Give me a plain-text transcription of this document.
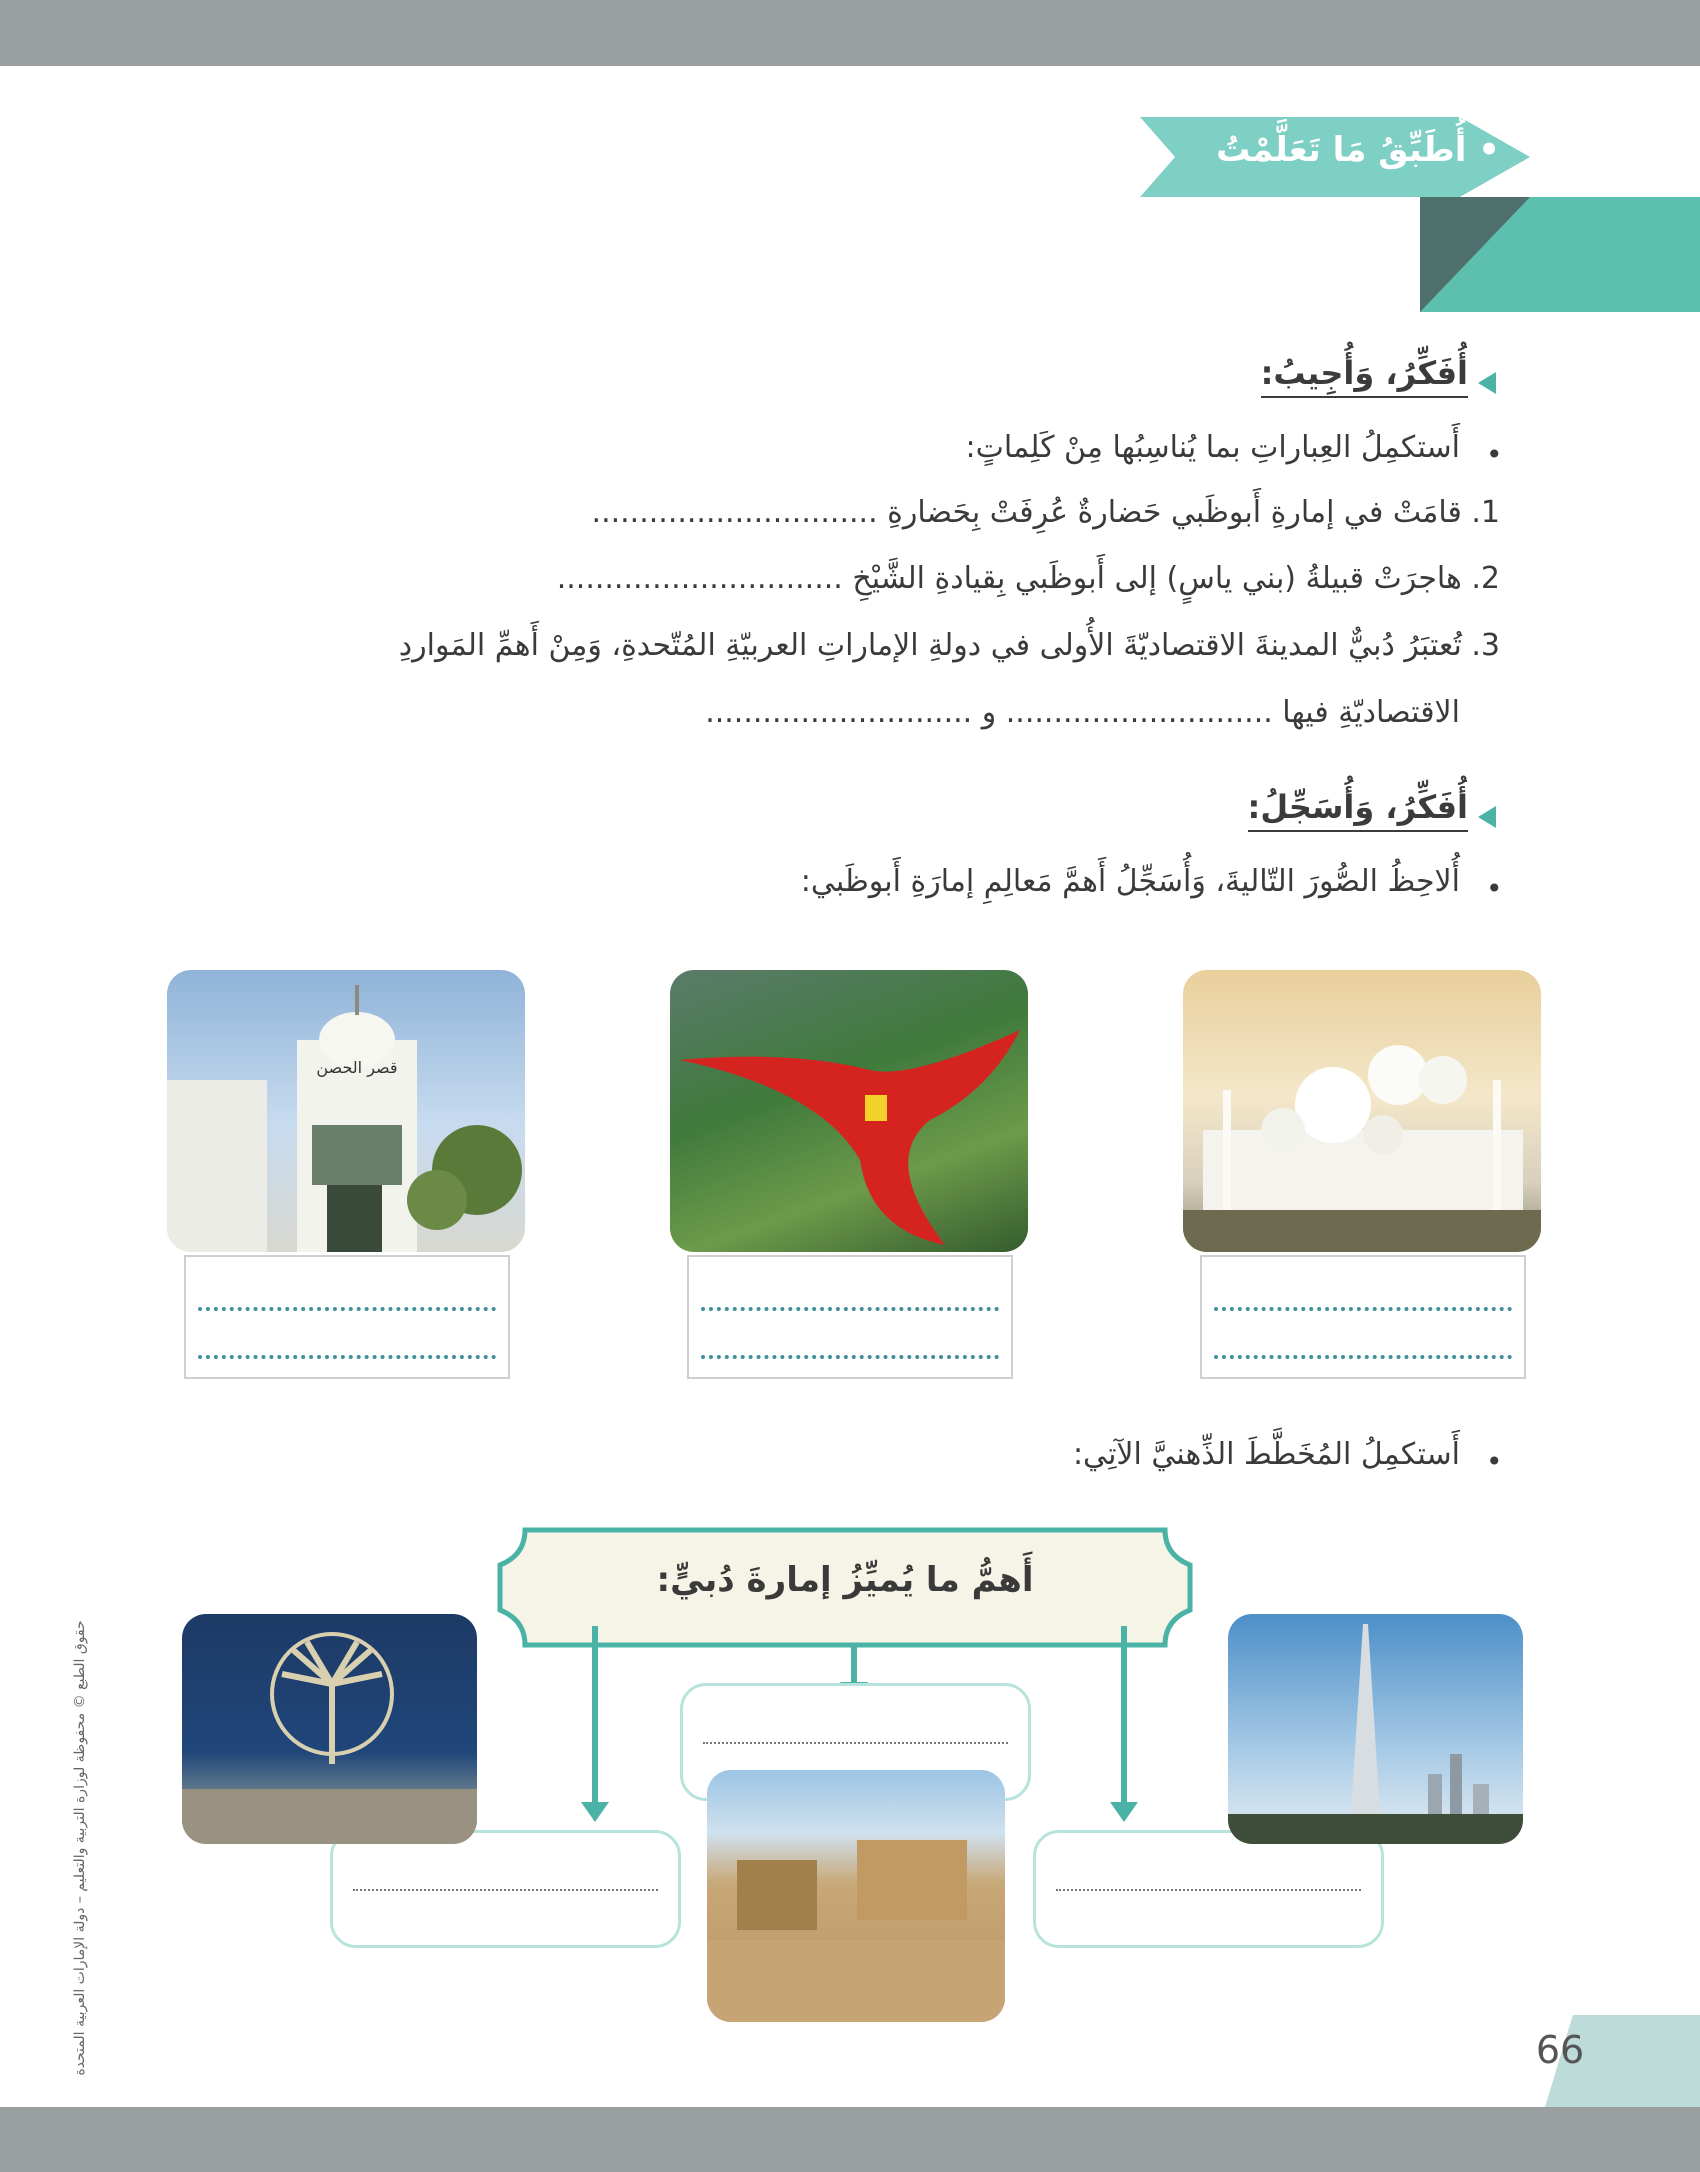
66
• أُطَبِّقُ مَا تَعَلَّمْتُ
أُفَكِّرُ، وَأُجِيبُ:
•
أَستكمِلُ العِباراتِ بما يُناسِبُها مِنْ كَلِماتٍ:
1. قامَتْ في إمارةِ أَبوظَبي حَضارةٌ عُرِفَتْ بِحَضارةِ ..............................
2. هاجرَتْ قبيلةُ (بني ياسٍ) إلى أَبوظَبي بِقيادةِ الشَّيْخِ ..............................
3. تُعتبَرُ دُبيٌّ المدينةَ الاقتصاديّةَ الأُولى في دولةِ الإماراتِ العربيّةِ المُتّحدةِ، وَمِنْ أَهمِّ المَواردِ
الاقتصاديّةِ فيها ............................ و ............................
أُفَكِّرُ، وَأُسَجِّلُ:
•
أُلاحِظُ الصُّورَ التّاليةَ، وَأُسَجِّلُ أَهمَّ مَعالِمِ إمارَةِ أَبوظَبي:
قصر الحصن
•
أَستكمِلُ المُخَطَّطَ الذِّهنيَّ الآتِي:
أَهمُّ ما يُميِّزُ إمارةَ دُبيٍّ:
حقوق الطبع © محفوظة لوزارة التربية والتعليم – دولة الإمارات العربية المتحدة
